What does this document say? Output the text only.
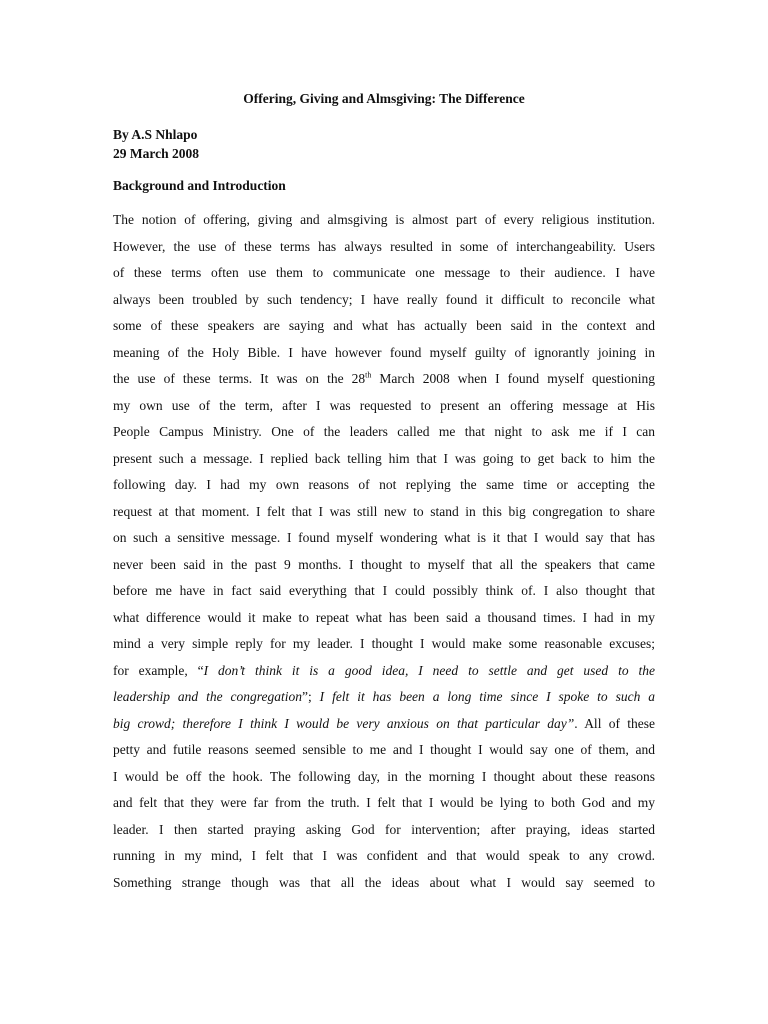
Offering, Giving and Almsgiving: The Difference
By A.S Nhlapo
29 March 2008
Background and Introduction
The notion of offering, giving and almsgiving is almost part of every religious institution.
However, the use of these terms has always resulted in some of interchangeability. Users
of these terms often use them to communicate one message to their audience. I have
always been troubled by such tendency; I have really found it difficult to reconcile what
some of these speakers are saying and what has actually been said in the context and
meaning of the Holy Bible. I have however found myself guilty of ignorantly joining in
the use of these terms. It was on the 28th March 2008 when I found myself questioning
my own use of the term, after I was requested to present an offering message at His
People Campus Ministry. One of the leaders called me that night to ask me if I can
present such a message. I replied back telling him that I was going to get back to him the
following day. I had my own reasons of not replying the same time or accepting the
request at that moment. I felt that I was still new to stand in this big congregation to share
on such a sensitive message. I found myself wondering what is it that I would say that has
never been said in the past 9 months. I thought to myself that all the speakers that came
before me have in fact said everything that I could possibly think of. I also thought that
what difference would it make to repeat what has been said a thousand times. I had in my
mind a very simple reply for my leader. I thought I would make some reasonable excuses;
for example, “I don’t think it is a good idea, I need to settle and get used to the
leadership and the congregation”; I felt it has been a long time since I spoke to such a
big crowd; therefore I think I would be very anxious on that particular day”. All of these
petty and futile reasons seemed sensible to me and I thought I would say one of them, and
I would be off the hook. The following day, in the morning I thought about these reasons
and felt that they were far from the truth. I felt that I would be lying to both God and my
leader. I then started praying asking God for intervention; after praying, ideas started
running in my mind, I felt that I was confident and that would speak to any crowd.
Something strange though was that all the ideas about what I would say seemed to
